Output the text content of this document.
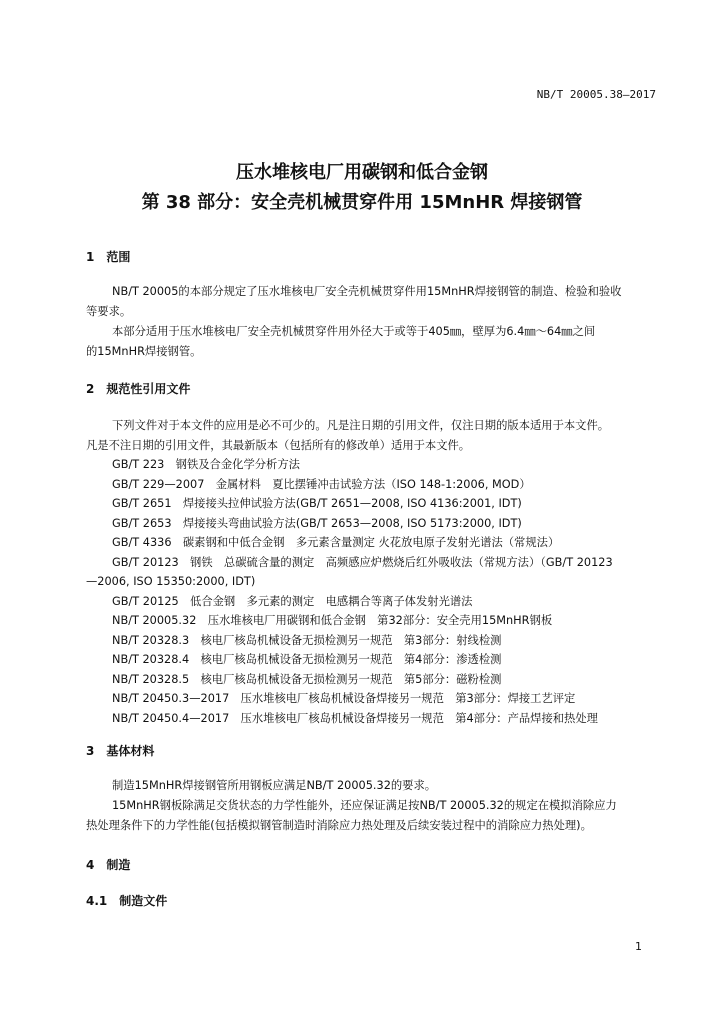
NB/T 20005.38—2017
压水堆核电厂用碳钢和低合金钢
第 38 部分：安全壳机械贯穿件用 15MnHR 焊接钢管
1　范围
NB/T 20005的本部分规定了压水堆核电厂安全壳机械贯穿件用15MnHR焊接钢管的制造、检验和验收
等要求。
本部分适用于压水堆核电厂安全壳机械贯穿件用外径大于或等于405㎜，壁厚为6.4㎜～64㎜之间
的15MnHR焊接钢管。
2　规范性引用文件
下列文件对于本文件的应用是必不可少的。凡是注日期的引用文件，仅注日期的版本适用于本文件。
凡是不注日期的引用文件，其最新版本（包括所有的修改单）适用于本文件。
GB/T 223　钢铁及合金化学分析方法
GB/T 229—2007　金属材料　夏比摆锤冲击试验方法（ISO 148-1:2006, MOD）
GB/T 2651　焊接接头拉伸试验方法(GB/T 2651—2008, ISO 4136:2001, IDT)
GB/T 2653　焊接接头弯曲试验方法(GB/T 2653—2008, ISO 5173:2000, IDT)
GB/T 4336　碳素钢和中低合金钢　多元素含量测定 火花放电原子发射光谱法（常规法）
GB/T 20123　钢铁　总碳硫含量的测定　高频感应炉燃烧后红外吸收法（常规方法）（GB/T 20123
—2006, ISO 15350:2000, IDT)
GB/T 20125　低合金钢　多元素的测定　电感耦合等离子体发射光谱法
NB/T 20005.32　压水堆核电厂用碳钢和低合金钢　第32部分：安全壳用15MnHR钢板
NB/T 20328.3　核电厂核岛机械设备无损检测另一规范　第3部分：射线检测
NB/T 20328.4　核电厂核岛机械设备无损检测另一规范　第4部分：渗透检测
NB/T 20328.5　核电厂核岛机械设备无损检测另一规范　第5部分：磁粉检测
NB/T 20450.3—2017　压水堆核电厂核岛机械设备焊接另一规范　第3部分：焊接工艺评定
NB/T 20450.4—2017　压水堆核电厂核岛机械设备焊接另一规范　第4部分：产品焊接和热处理
3　基体材料
制造15MnHR焊接钢管所用钢板应满足NB/T 20005.32的要求。
15MnHR钢板除满足交货状态的力学性能外，还应保证满足按NB/T 20005.32的规定在模拟消除应力
热处理条件下的力学性能(包括模拟钢管制造时消除应力热处理及后续安装过程中的消除应力热处理)。
4　制造
4.1　制造文件
1
